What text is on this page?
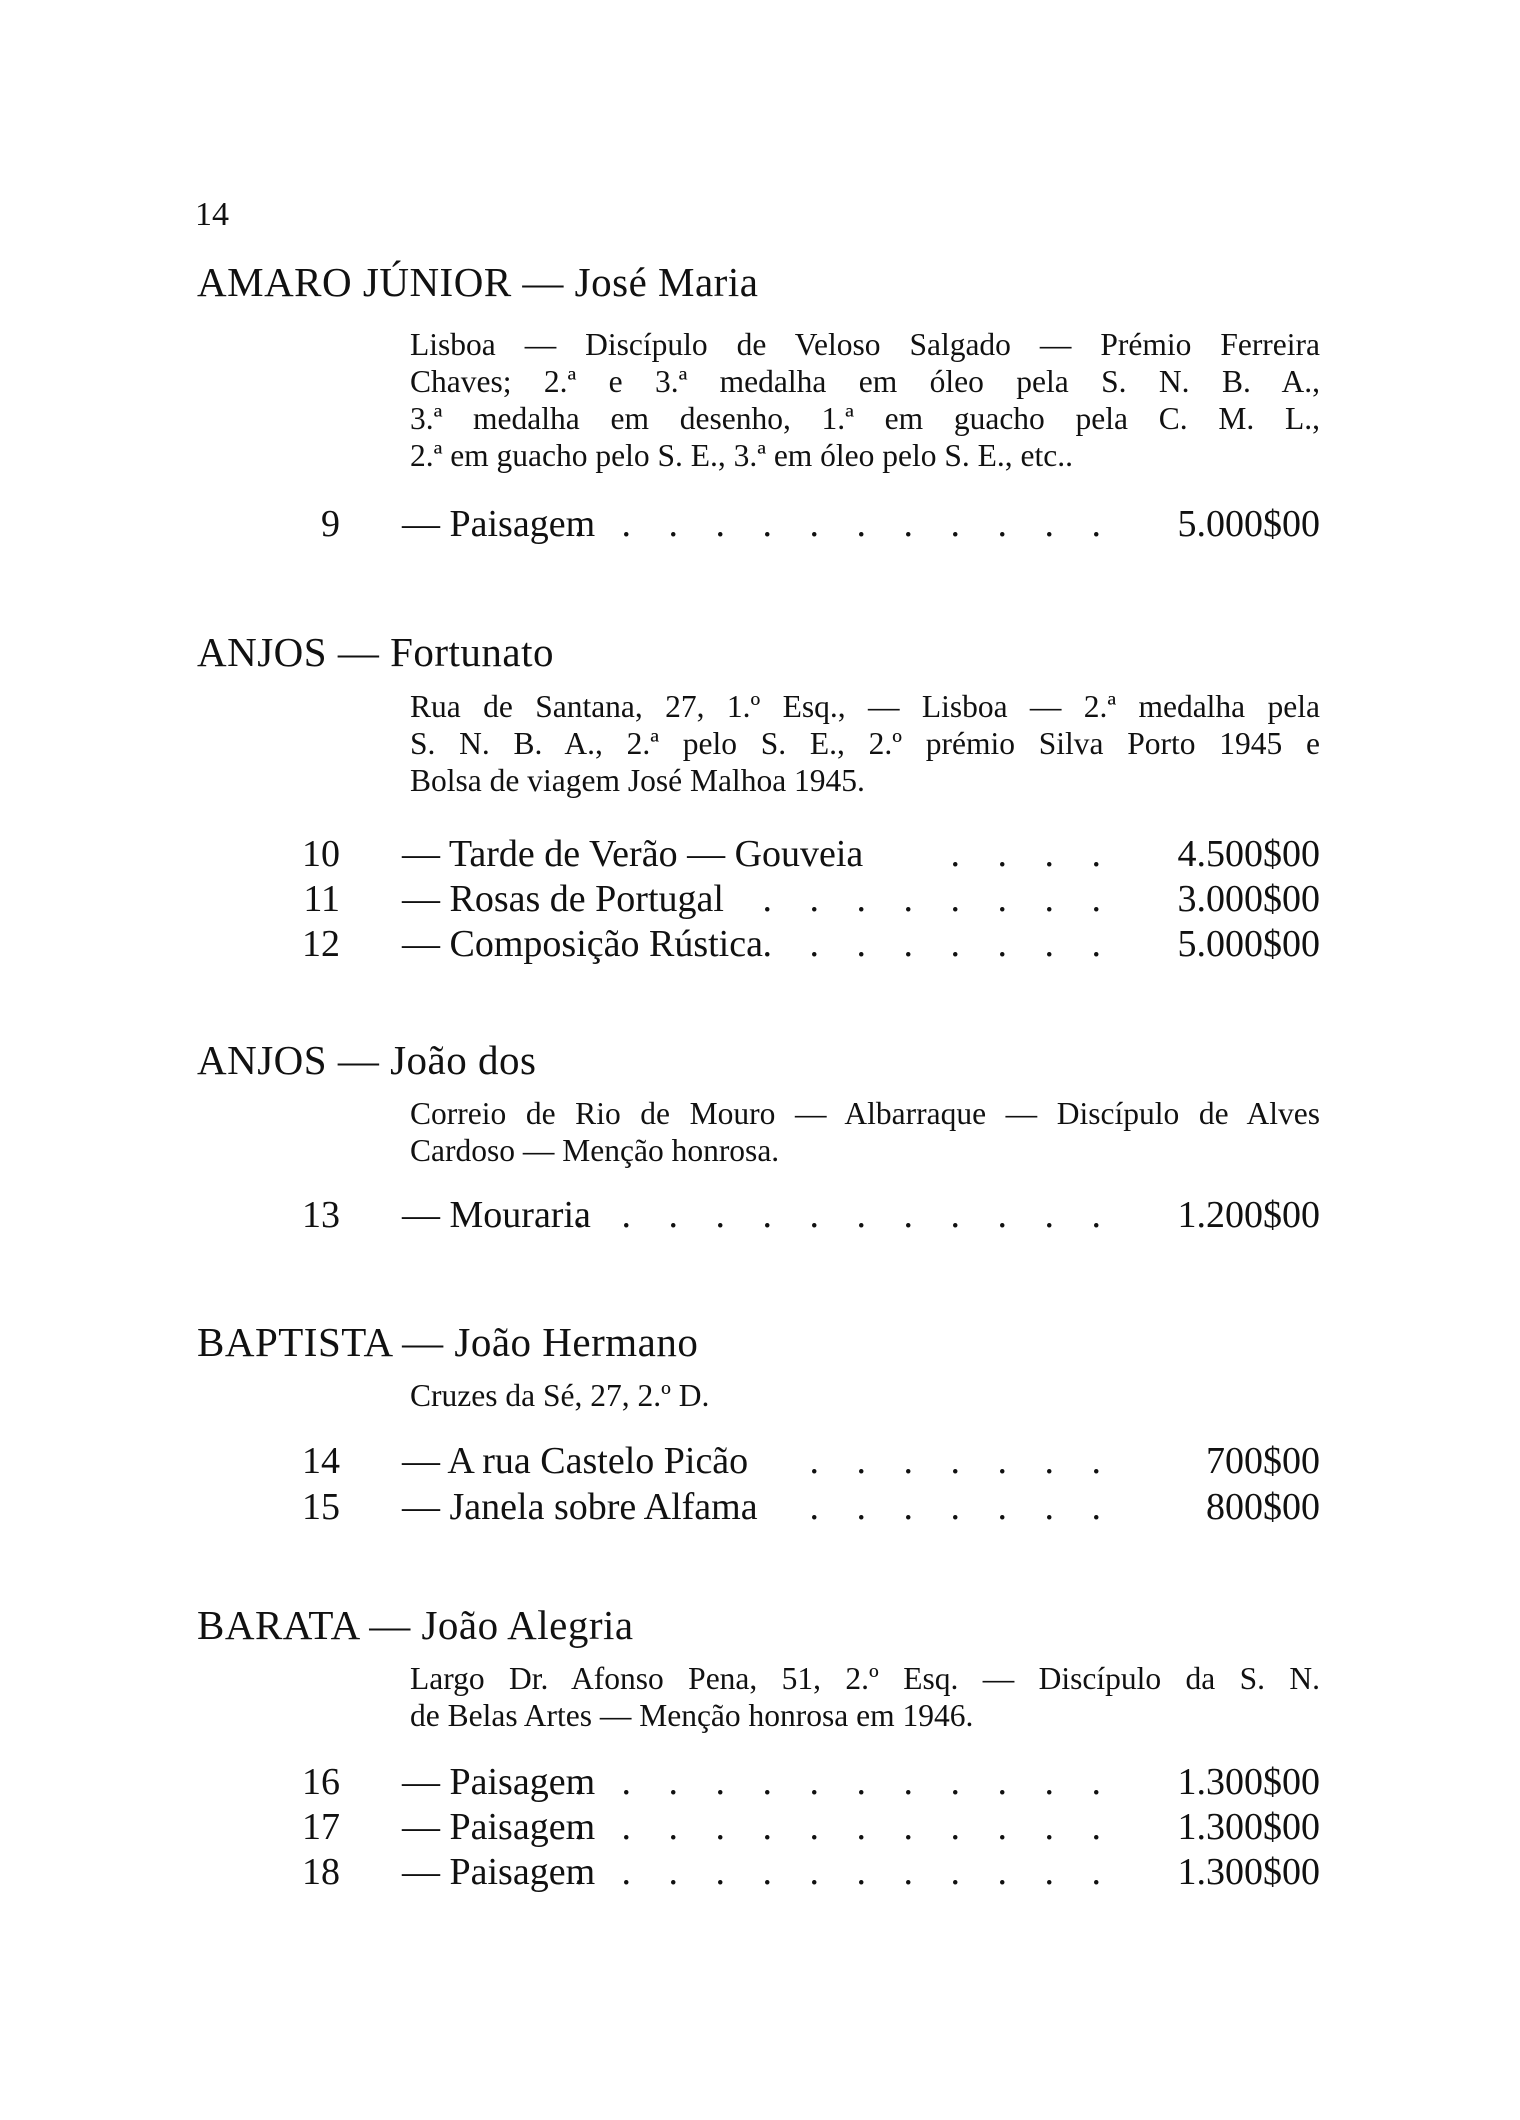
14
AMARO JÚNIOR — José Maria
Lisboa — Discípulo de Veloso Salgado — Prémio Ferreira
Chaves; 2.ª e 3.ª medalha em óleo pela S. N. B. A.,
3.ª medalha em desenho, 1.ª em guacho pela C. M. L.,
2.ª em guacho pelo S. E., 3.ª em óleo pelo S. E., etc..
9 — Paisagem
. . . . . . . . . . . . 5.000$00
ANJOS — Fortunato
Rua de Santana, 27, 1.º Esq., — Lisboa — 2.ª medalha pela
S. N. B. A., 2.ª pelo S. E., 2.º prémio Silva Porto 1945 e
Bolsa de viagem José Malhoa 1945.
10 — Tarde de Verão — Gouveia . . . . 4.500$00
11 — Rosas de Portugal . . . . . . . . 3.000$00
12 — Composição Rústica . . . . . . . . 5.000$00
ANJOS — João dos
Correio de Rio de Mouro — Albarraque — Discípulo de Alves
Cardoso — Menção honrosa.
13 — Mouraria
. . . . . . . . . . . . 1.200$00
BAPTISTA — João Hermano
Cruzes da Sé, 27, 2.º D.
14 — A rua Castelo Picão . . . . . . . 700$00
15 — Janela sobre Alfama . . . . . . . 800$00
BARATA — João Alegria
Largo Dr. Afonso Pena, 51, 2.º Esq. — Discípulo da S. N.
de Belas Artes — Menção honrosa em 1946.
16 — Paisagem
. . . . . . . . . . . . 1.300$00
17 — Paisagem
. . . . . . . . . . . . 1.300$00
18 — Paisagem
. . . . . . . . . . . . 1.300$00
